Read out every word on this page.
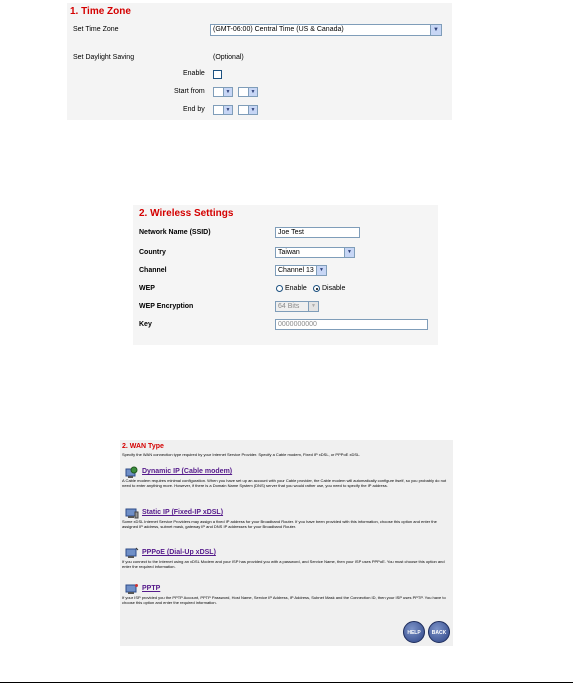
1. Time Zone
Set Time Zone	(GMT-06:00) Central Time (US & Canada)	▼
Set Daylight Saving	(Optional)
Enable
Start from	▼	▼
End by	▼	▼
2. Wireless Settings
Network Name (SSID)	Joe Test
Country	Taiwan	▼
Channel	Channel 13	▼
WEP	Enable Disable
WEP Encryption	64 Bits	▼
Key	0000000000
2. WAN Type
Specify the WAN connection type required by your Internet Service Provider. Specify a Cable modem, Fixed IP xDSL, or PPPoE xDSL.
Dynamic IP (Cable modem)
A Cable modem requires minimal configuration. When you have set up an account with your Cable provider, the Cable modem will automatically configure itself, so you probably do not need to enter anything more. However, if there is a Domain Name System (DNS) server that you would rather use, you need to specify the IP address.
Static IP (Fixed-IP xDSL)
Some xDSL Internet Service Providers may assign a fixed IP address for your Broadband Router. If you have been provided with this information, choose this option and enter the assigned IP address, subnet mask, gateway IP and DNS IP addresses for your Broadband Router.
PPPoE (Dial-Up xDSL)
If you connect to the Internet using an xDSL Modem and your ISP has provided you with a password, and Service Name, then your ISP uses PPPoE. You must choose this option and enter the required information.
PPTP
If your ISP provided you the PPTP Account, PPTP Password, Host Name, Service IP Address, IP Address, Subnet Mask and the Connection ID, then your ISP uses PPTP. You have to choose this option and enter the required information.
HELP	BACK
